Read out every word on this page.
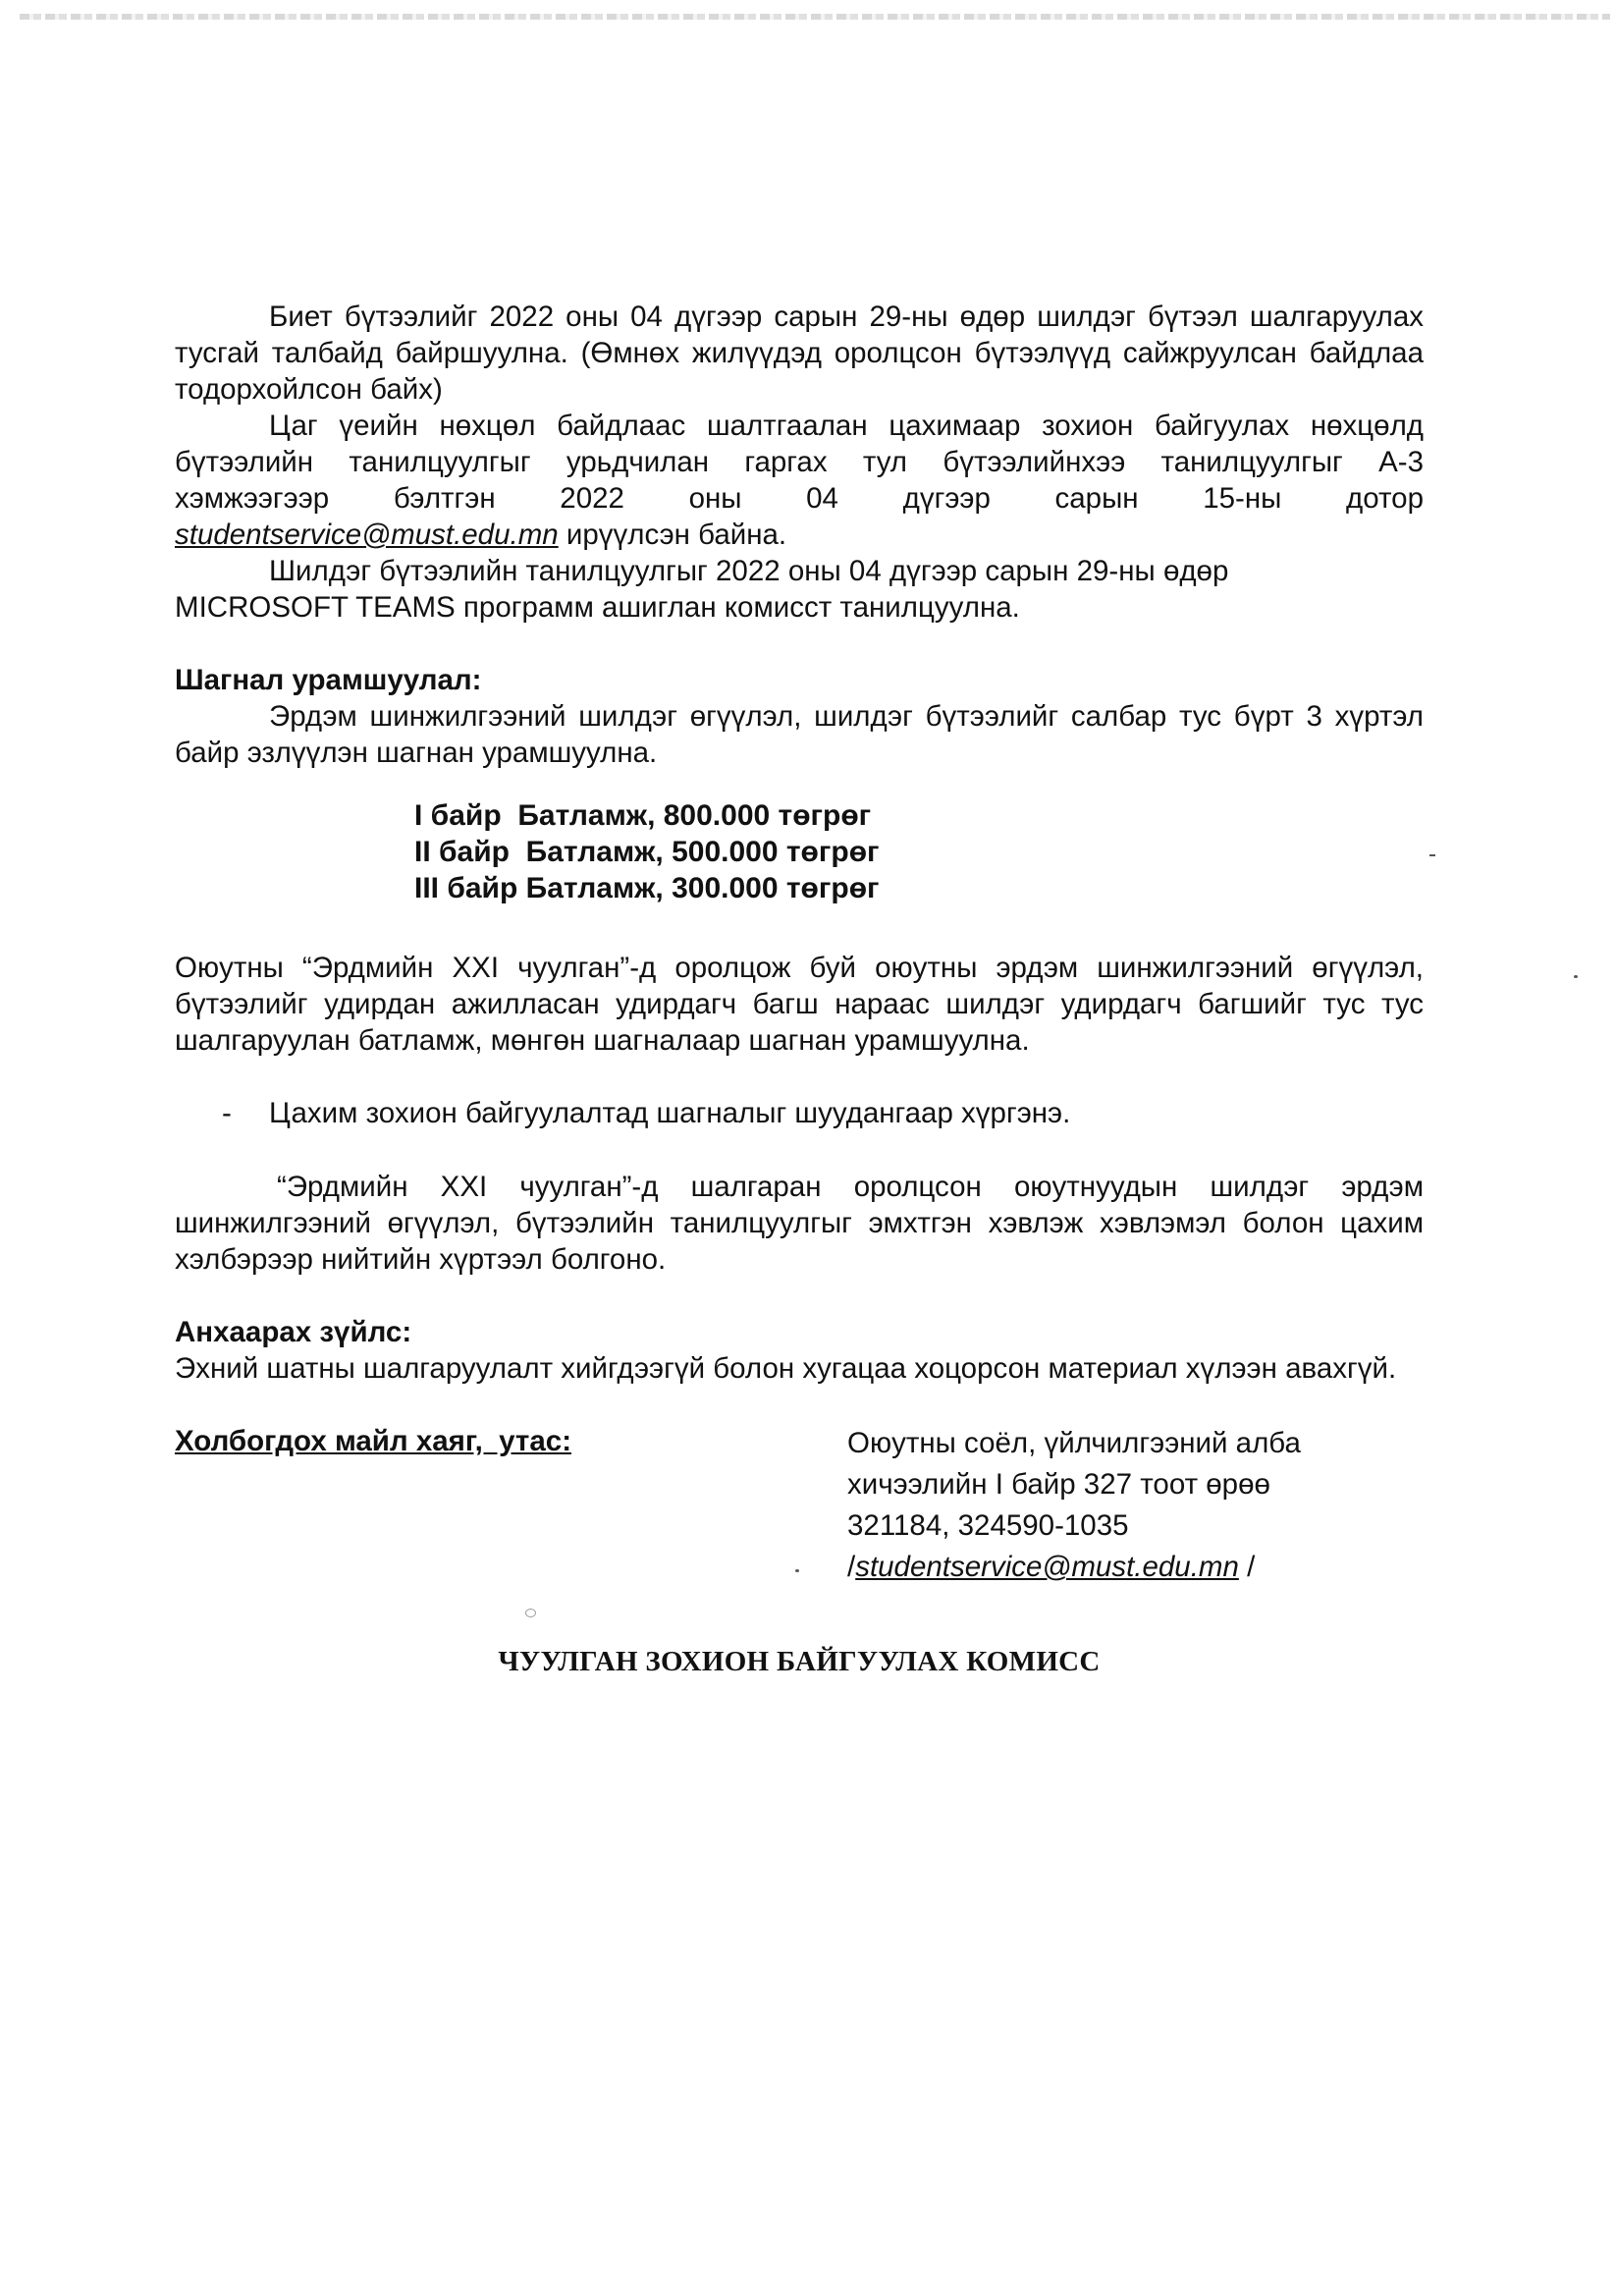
Биет бүтээлийг 2022 оны 04 дүгээр сарын 29-ны өдөр шилдэг бүтээл шалгаруулах тусгай талбайд байршуулна. (Өмнөх жилүүдэд оролцсон бүтээлүүд сайжруулсан байдлаа тодорхойлсон байх)

Цаг үеийн нөхцөл байдлаас шалтгаалан цахимаар зохион байгуулах нөхцөлд бүтээлийн танилцуулгыг урьдчилан гаргах тул бүтээлийнхээ танилцуулгыг А-3

хэмжээгээр бэлтгэн 2022 оны 04 дүгээр сарын 15-ны дотор

studentservice@must.edu.mn ирүүлсэн байна.

Шилдэг бүтээлийн танилцуулгыг 2022 оны 04 дүгээр сарын 29-ны өдөр

MICROSOFT TEAMS программ ашиглан комисст танилцуулна.

Шагнал урамшуулал:

Эрдэм шинжилгээний шилдэг өгүүлэл, шилдэг бүтээлийг салбар тус бүрт 3 хүртэл байр эзлүүлэн шагнан урамшуулна.

I байр  Батламж, 800.000 төгрөг

II байр  Батламж, 500.000 төгрөг

III байр Батламж, 300.000 төгрөг

Оюутны “Эрдмийн XXI чуулган”-д оролцож буй оюутны эрдэм шинжилгээний өгүүлэл, бүтээлийг удирдан ажилласан удирдагч багш нараас шилдэг удирдагч багшийг тус тус шалгаруулан батламж, мөнгөн шагналаар шагнан урамшуулна.

-	Цахим зохион байгуулалтад шагналыг шуудангаар хүргэнэ.

“Эрдмийн XXI чуулган”-д шалгаран оролцсон оюутнуудын шилдэг эрдэм шинжилгээний өгүүлэл, бүтээлийн танилцуулгыг эмхтгэн хэвлэж хэвлэмэл болон цахим хэлбэрээр нийтийн хүртээл болгоно.

Анхаарах зүйлс:

Эхний шатны шалгаруулалт хийгдээгүй болон хугацаа хоцорсон материал хүлээн авахгүй.

Холбогдох майл хаяг,  утас:	Оюутны соёл, үйлчилгээний алба

хичээлийн I байр 327 тоот өрөө

321184, 324590-1035

/studentservice@must.edu.mn /

ЧУУЛГАН ЗОХИОН БАЙГУУЛАХ КОМИСС
